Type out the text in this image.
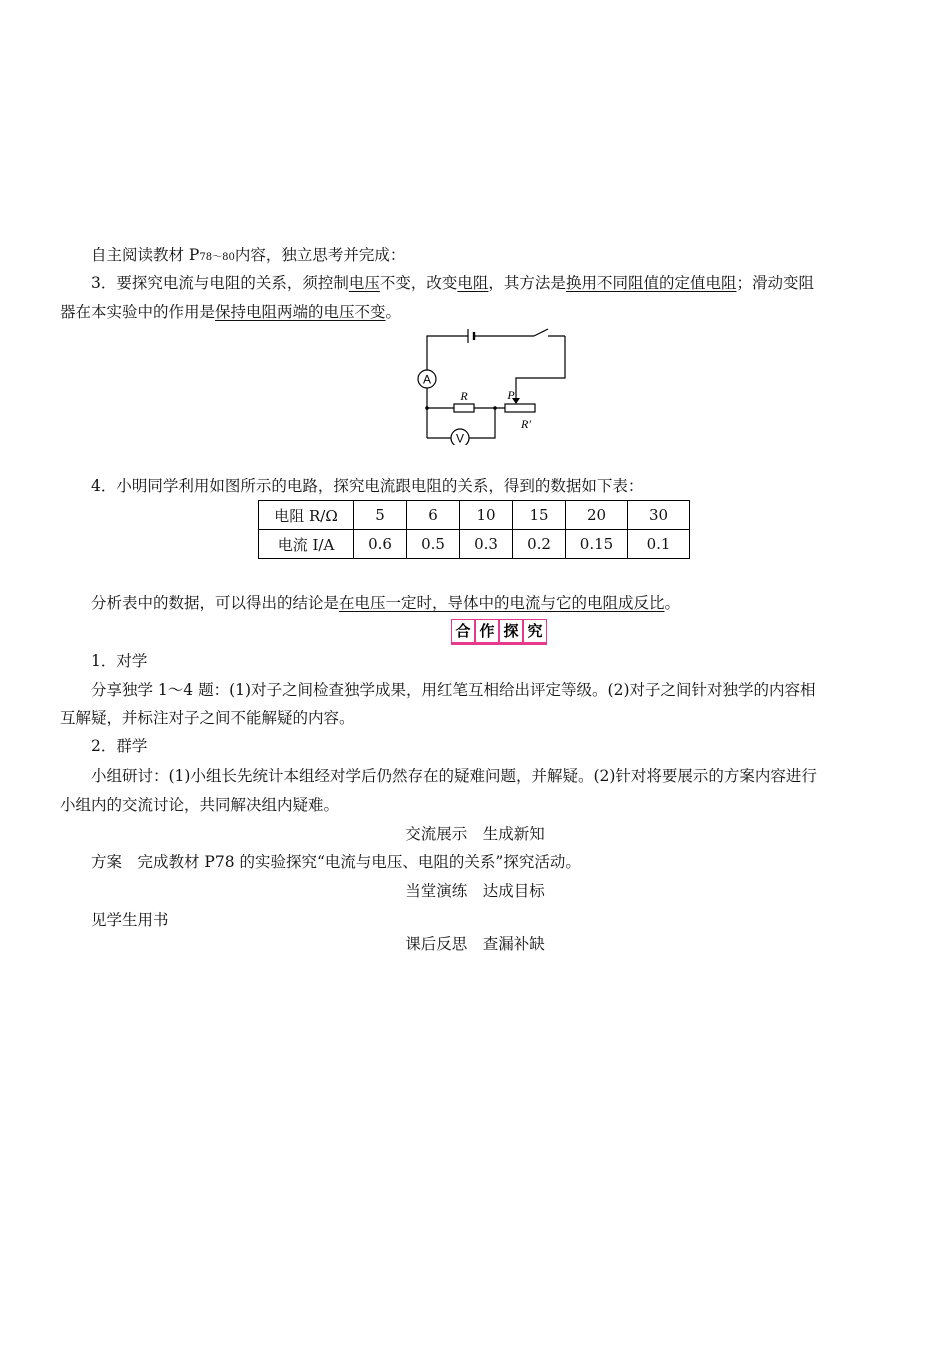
自主阅读教材 P78～80内容，独立思考并完成：
3．要探究电流与电阻的关系，须控制电压不变，改变电阻，其方法是换用不同阻值的定值电阻；滑动变阻
器在本实验中的作用是保持电阻两端的电压不变。
A
V
R	P
R′
4．小明同学利用如图所示的电路，探究电流跟电阻的关系，得到的数据如下表：
电阻 R/Ω	5	6	10	15	20	30
电流 I/A	0.6	0.5	0.3	0.2	0.15	0.1
分析表中的数据，可以得出的结论是在电压一定时，导体中的电流与它的电阻成反比。
合 作 探 究
1．对学
分享独学 1～4 题：(1)对子之间检查独学成果，用红笔互相给出评定等级。(2)对子之间针对独学的内容相
互解疑，并标注对子之间不能解疑的内容。
2．群学
小组研讨：(1)小组长先统计本组经对学后仍然存在的疑难问题，并解疑。(2)针对将要展示的方案内容进行
小组内的交流讨论，共同解决组内疑难。
交流展示　生成新知
方案　完成教材 P78 的实验探究“电流与电压、电阻的关系”探究活动。
当堂演练　达成目标
见学生用书
课后反思　查漏补缺
